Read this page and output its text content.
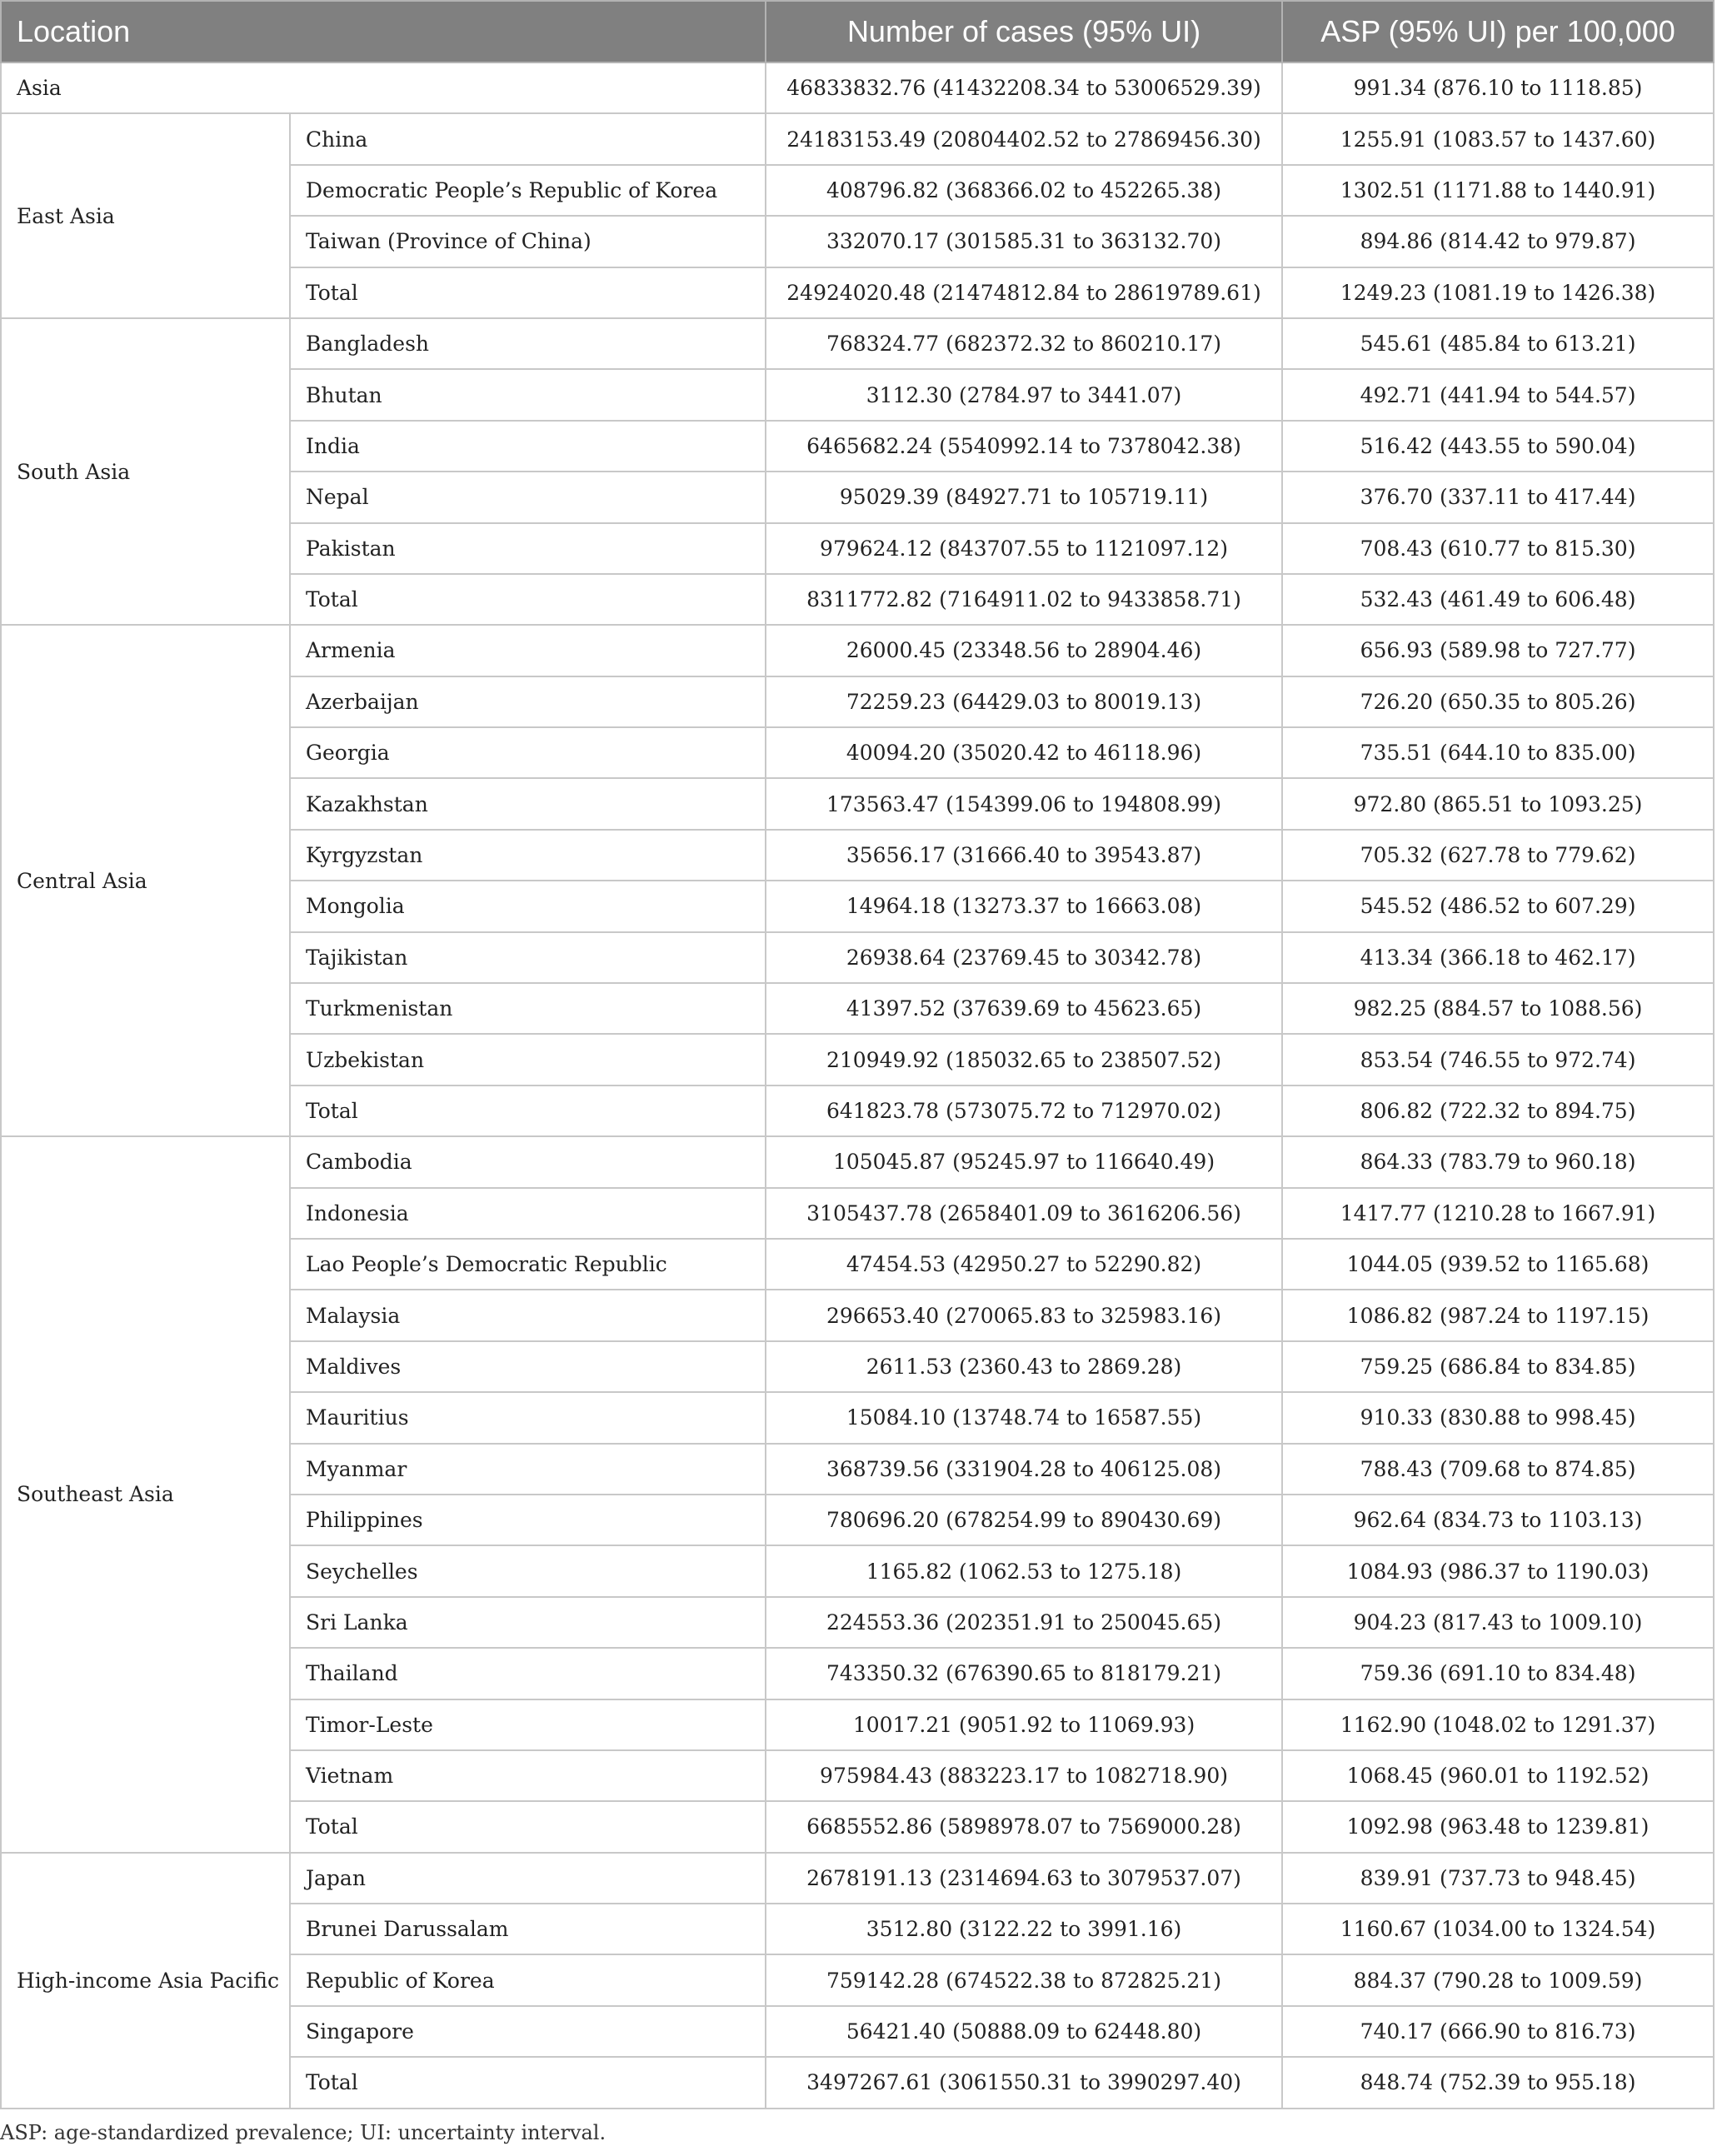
Location		Number of cases (95% UI)	ASP (95% UI) per 100,000
Asia		46833832.76 (41432208.34 to 53006529.39)	991.34 (876.10 to 1118.85)
East Asia	China	24183153.49 (20804402.52 to 27869456.30)	1255.91 (1083.57 to 1437.60)
	Democratic People’s Republic of Korea	408796.82 (368366.02 to 452265.38)	1302.51 (1171.88 to 1440.91)
	Taiwan (Province of China)	332070.17 (301585.31 to 363132.70)	894.86 (814.42 to 979.87)
	Total	24924020.48 (21474812.84 to 28619789.61)	1249.23 (1081.19 to 1426.38)
South Asia	Bangladesh	768324.77 (682372.32 to 860210.17)	545.61 (485.84 to 613.21)
	Bhutan	3112.30 (2784.97 to 3441.07)	492.71 (441.94 to 544.57)
	India	6465682.24 (5540992.14 to 7378042.38)	516.42 (443.55 to 590.04)
	Nepal	95029.39 (84927.71 to 105719.11)	376.70 (337.11 to 417.44)
	Pakistan	979624.12 (843707.55 to 1121097.12)	708.43 (610.77 to 815.30)
	Total	8311772.82 (7164911.02 to 9433858.71)	532.43 (461.49 to 606.48)
Central Asia	Armenia	26000.45 (23348.56 to 28904.46)	656.93 (589.98 to 727.77)
	Azerbaijan	72259.23 (64429.03 to 80019.13)	726.20 (650.35 to 805.26)
	Georgia	40094.20 (35020.42 to 46118.96)	735.51 (644.10 to 835.00)
	Kazakhstan	173563.47 (154399.06 to 194808.99)	972.80 (865.51 to 1093.25)
	Kyrgyzstan	35656.17 (31666.40 to 39543.87)	705.32 (627.78 to 779.62)
	Mongolia	14964.18 (13273.37 to 16663.08)	545.52 (486.52 to 607.29)
	Tajikistan	26938.64 (23769.45 to 30342.78)	413.34 (366.18 to 462.17)
	Turkmenistan	41397.52 (37639.69 to 45623.65)	982.25 (884.57 to 1088.56)
	Uzbekistan	210949.92 (185032.65 to 238507.52)	853.54 (746.55 to 972.74)
	Total	641823.78 (573075.72 to 712970.02)	806.82 (722.32 to 894.75)
Southeast Asia	Cambodia	105045.87 (95245.97 to 116640.49)	864.33 (783.79 to 960.18)
	Indonesia	3105437.78 (2658401.09 to 3616206.56)	1417.77 (1210.28 to 1667.91)
	Lao People’s Democratic Republic	47454.53 (42950.27 to 52290.82)	1044.05 (939.52 to 1165.68)
	Malaysia	296653.40 (270065.83 to 325983.16)	1086.82 (987.24 to 1197.15)
	Maldives	2611.53 (2360.43 to 2869.28)	759.25 (686.84 to 834.85)
	Mauritius	15084.10 (13748.74 to 16587.55)	910.33 (830.88 to 998.45)
	Myanmar	368739.56 (331904.28 to 406125.08)	788.43 (709.68 to 874.85)
	Philippines	780696.20 (678254.99 to 890430.69)	962.64 (834.73 to 1103.13)
	Seychelles	1165.82 (1062.53 to 1275.18)	1084.93 (986.37 to 1190.03)
	Sri Lanka	224553.36 (202351.91 to 250045.65)	904.23 (817.43 to 1009.10)
	Thailand	743350.32 (676390.65 to 818179.21)	759.36 (691.10 to 834.48)
	Timor-Leste	10017.21 (9051.92 to 11069.93)	1162.90 (1048.02 to 1291.37)
	Vietnam	975984.43 (883223.17 to 1082718.90)	1068.45 (960.01 to 1192.52)
	Total	6685552.86 (5898978.07 to 7569000.28)	1092.98 (963.48 to 1239.81)
High-income Asia Pacific	Japan	2678191.13 (2314694.63 to 3079537.07)	839.91 (737.73 to 948.45)
	Brunei Darussalam	3512.80 (3122.22 to 3991.16)	1160.67 (1034.00 to 1324.54)
	Republic of Korea	759142.28 (674522.38 to 872825.21)	884.37 (790.28 to 1009.59)
	Singapore	56421.40 (50888.09 to 62448.80)	740.17 (666.90 to 816.73)
	Total	3497267.61 (3061550.31 to 3990297.40)	848.74 (752.39 to 955.18)
ASP: age-standardized prevalence; UI: uncertainty interval.
